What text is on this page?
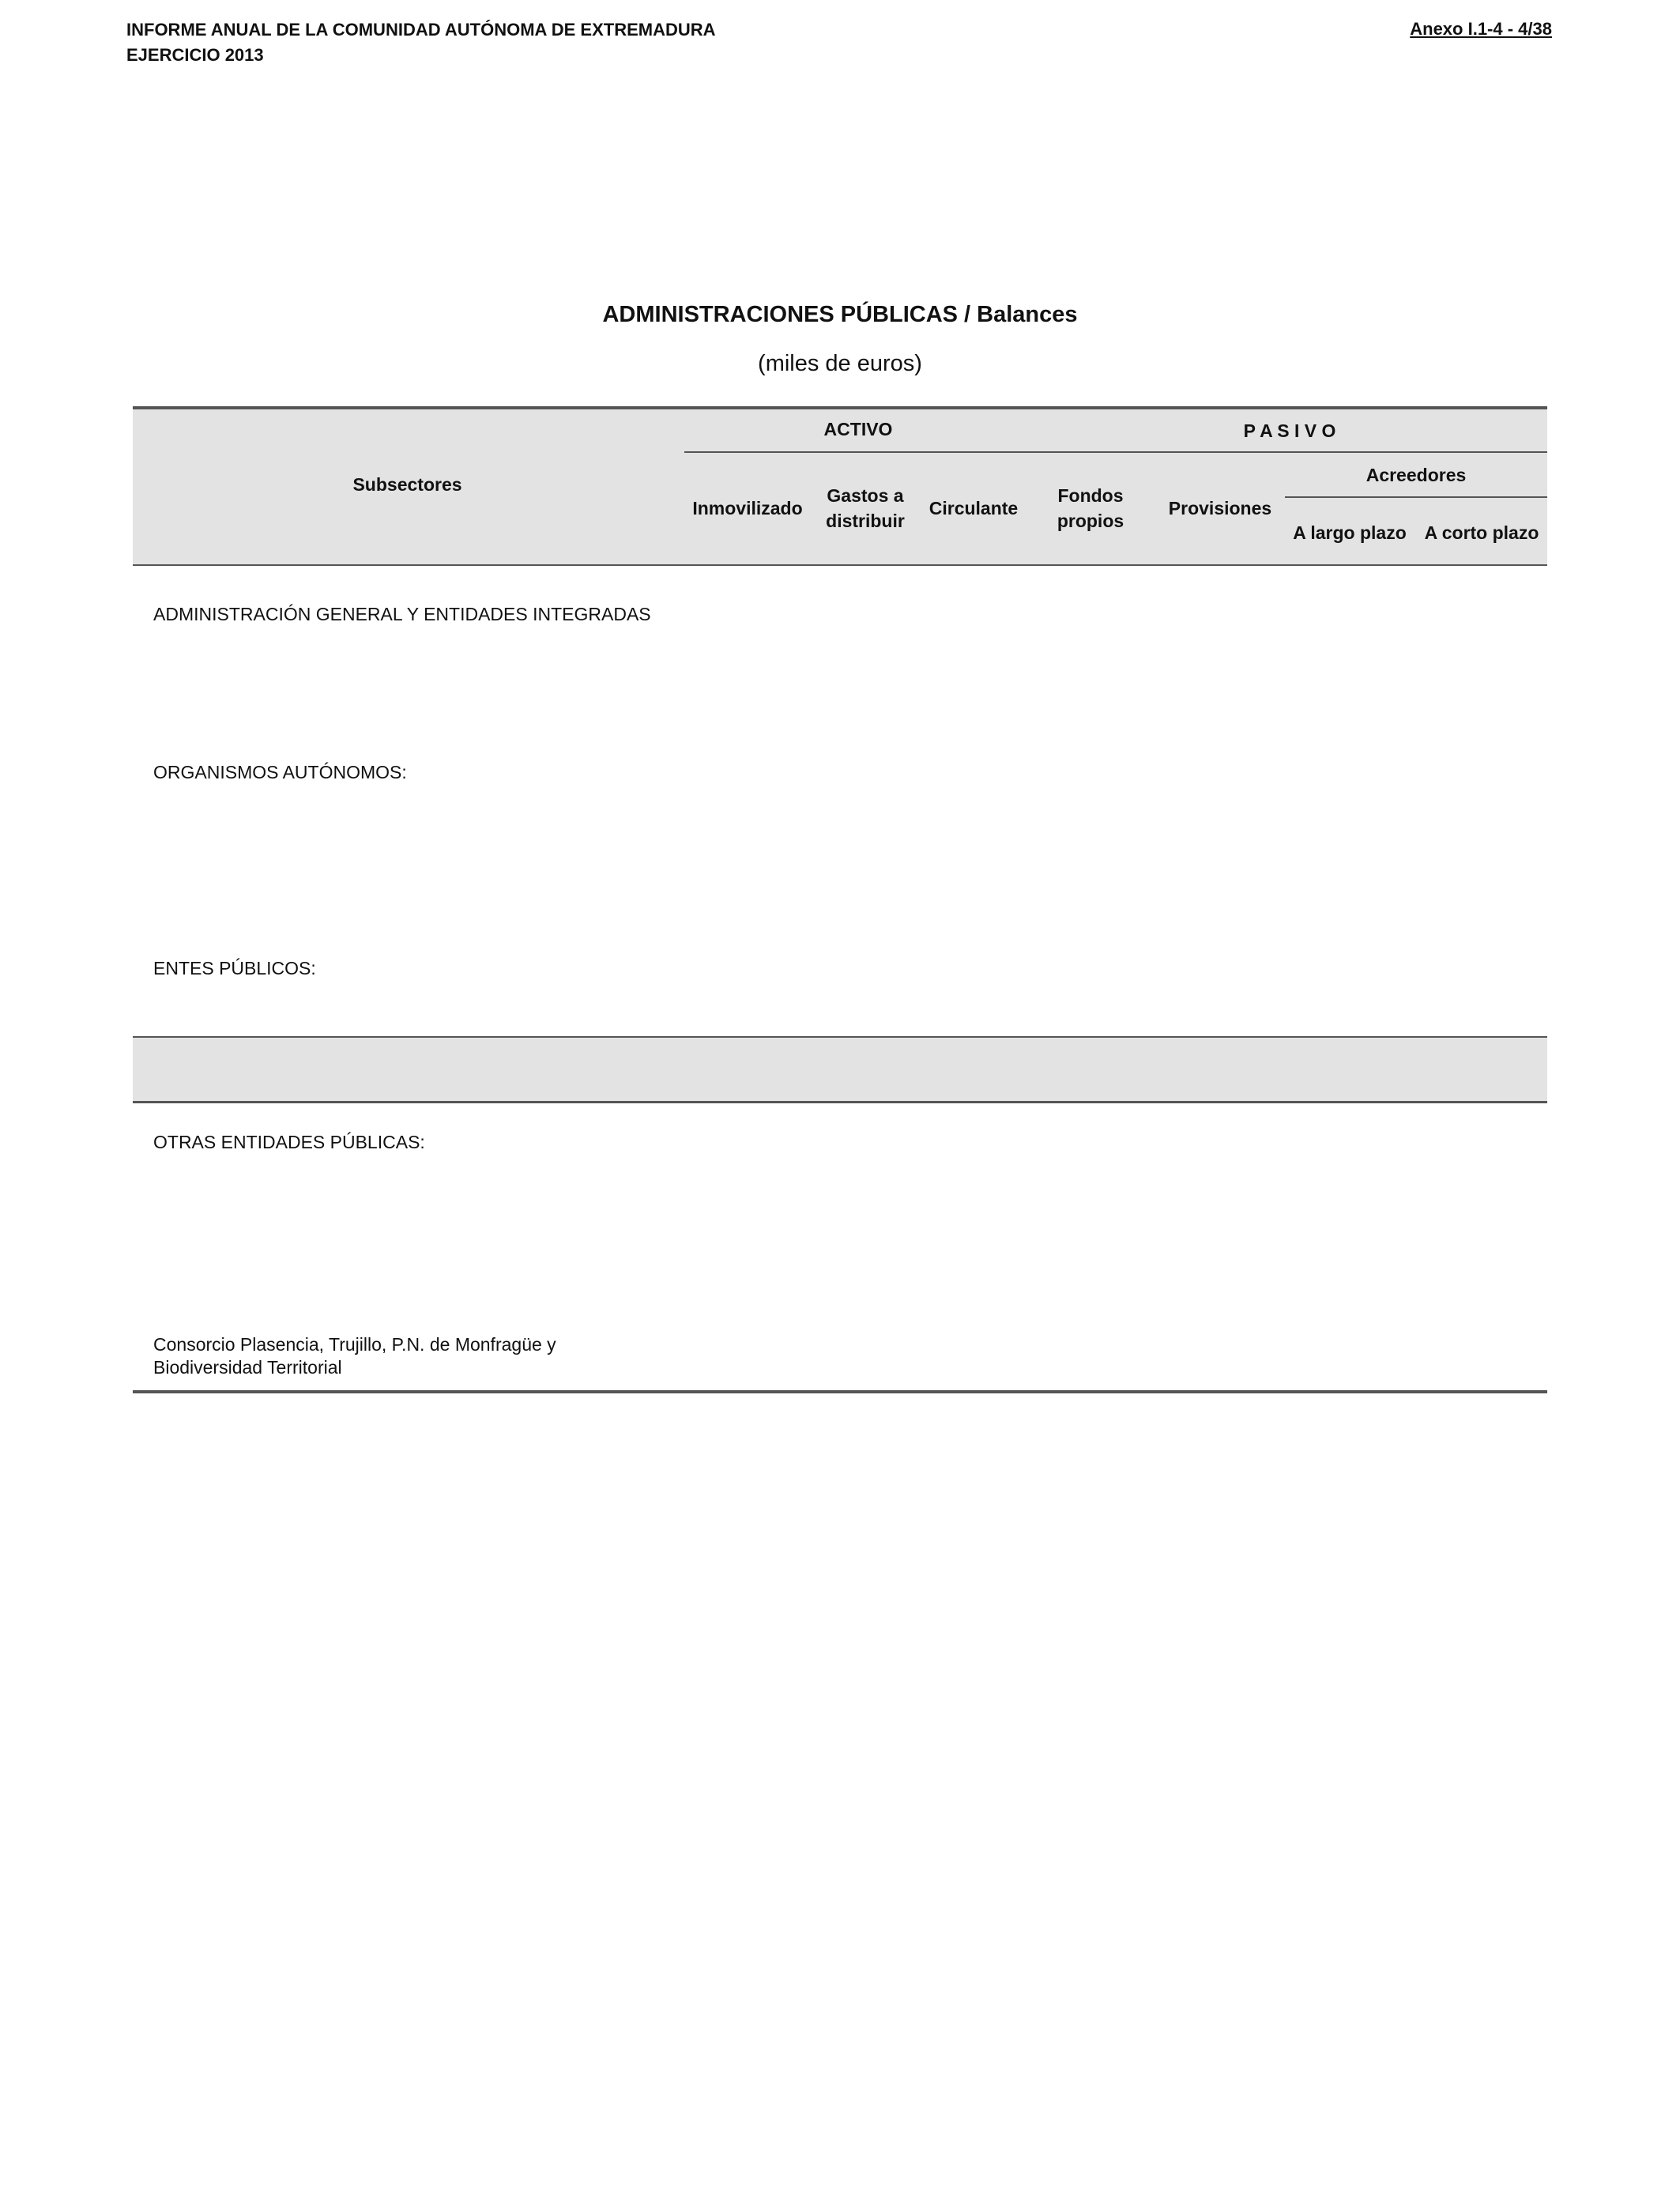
INFORME ANUAL DE LA COMUNIDAD AUTÓNOMA DE EXTREMADURA
EJERCICIO 2013
Anexo I.1-4 - 4/38
ADMINISTRACIONES PÚBLICAS / Balances
(miles de euros)
Subsectores
ACTIVO	P A S I V O
Acreedores
Inmovilizado
Gastos a
distribuir
Circulante
Fondos
propios
Provisiones
A largo plazo A corto plazo
ADMINISTRACIÓN GENERAL Y ENTIDADES INTEGRADAS
ORGANISMOS AUTÓNOMOS:
ENTES PÚBLICOS:
OTRAS ENTIDADES PÚBLICAS:
Consorcio Plasencia, Trujillo, P.N. de Monfragüe y
Biodiversidad Territorial
